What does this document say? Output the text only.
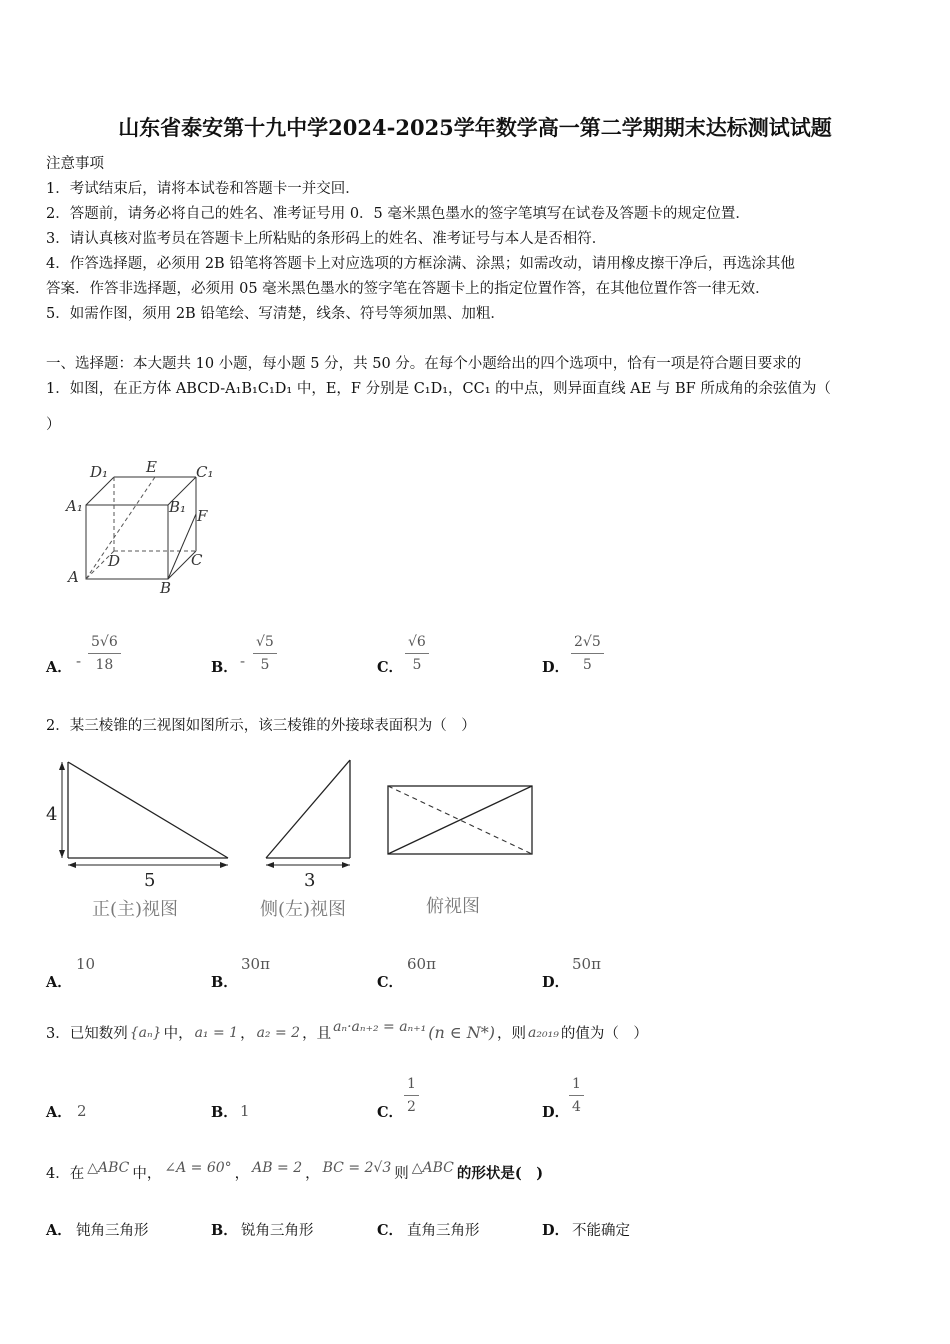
山东省泰安第十九中学2024-2025学年数学高一第二学期期末达标测试试题
注意事项
1．考试结束后，请将本试卷和答题卡一并交回．
2．答题前，请务必将自己的姓名、准考证号用 0．5 毫米黑色墨水的签字笔填写在试卷及答题卡的规定位置．
3．请认真核对监考员在答题卡上所粘贴的条形码上的姓名、准考证号与本人是否相符．
4．作答选择题，必须用 2B 铅笔将答题卡上对应选项的方框涂满、涂黑；如需改动，请用橡皮擦干净后，再选涂其他
答案．作答非选择题，必须用 05 毫米黑色墨水的签字笔在答题卡上的指定位置作答，在其他位置作答一律无效．
5．如需作图，须用 2B 铅笔绘、写清楚，线条、符号等须加黑、加粗．
一、选择题：本大题共 10 小题，每小题 5 分，共 50 分。在每个小题给出的四个选项中，恰有一项是符合题目要求的
1．如图，在正方体 ABCD-A₁B₁C₁D₁ 中，E，F 分别是 C₁D₁，CC₁ 的中点，则异面直线 AE 与 BF 所成角的余弦值为（
）
D₁	E	C₁
A₁	B₁ F
D	C
A
B
A． - $\frac{5√6}{18}$	B． - $\frac{√5}{5}$	C． $\frac{√6}{5}$	D． $\frac{2√5}{5}$
2．某三棱锥的三视图如图所示，该三棱锥的外接球表面积为（　）
4
5
正(主)视图
3
侧(左)视图	俯视图
A．
10
B．
30π
C．
60π
D．
50π
3．已知数列 {aₙ} 中， a₁ = 1 ， a₂ = 2 ，且 aₙ·aₙ₊₂ = aₙ₊₁ (n ∈ N*) ，则 a₂₀₁₉ 的值为（　）
A． 2	B． 1	C． $\frac{1}{2}$	D． $\frac{1}{4}$
4．在 △ABC 中， ∠A = 60° ， AB = 2 ， BC = 2√3 则 △ABC 的形状是(　)
A． 钝角三角形	B． 锐角三角形	C． 直角三角形	D． 不能确定
